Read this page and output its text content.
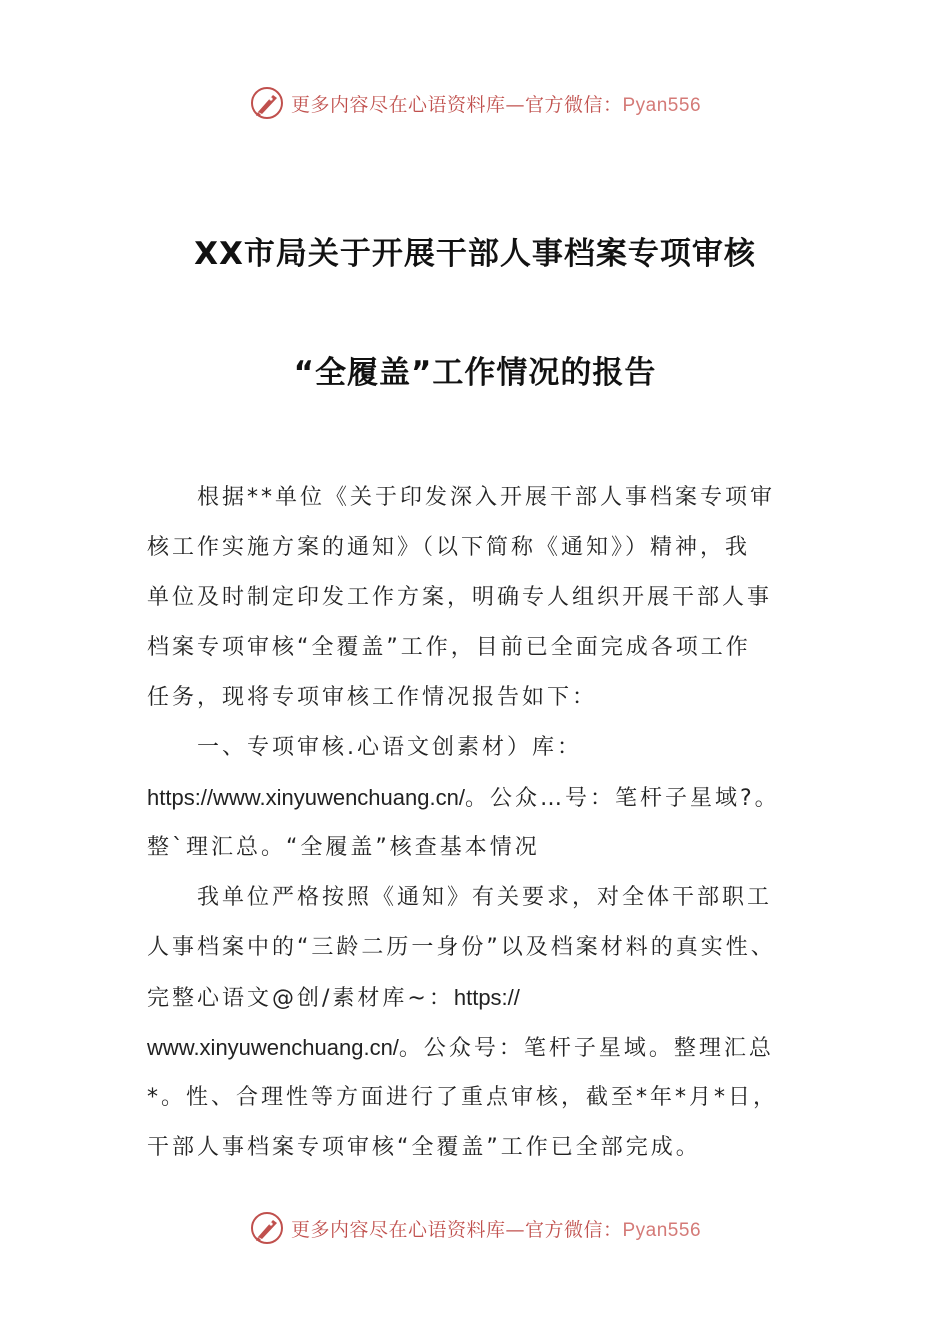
更多内容尽在心语资料库—官方微信：Pyan556
XX市局关于开展干部人事档案专项审核
“全履盖”工作情况的报告
根据**单位《关于印发深入开展干部人事档案专项审
核工作实施方案的通知》（以下简称《通知》）精神，我
单位及时制定印发工作方案，明确专人组织开展干部人事
档案专项审核“全覆盖”工作，目前已全面完成各项工作
任务，现将专项审核工作情况报告如下：
一、专项审核.心语文创素材）库：
https://www.xinyuwenchuang.cn/。公众…号：笔杆子星域?。
整`理汇总。“全履盖”核查基本情况
我单位严格按照《通知》有关要求，对全体干部职工
人事档案中的“三龄二历一身份”以及档案材料的真实性、
完整心语文@创/素材库~：https://
www.xinyuwenchuang.cn/。公众号：笔杆子星域。整理汇总
*。性、合理性等方面进行了重点审核，截至*年*月*日，
干部人事档案专项审核“全覆盖”工作已全部完成。
更多内容尽在心语资料库—官方微信：Pyan556
